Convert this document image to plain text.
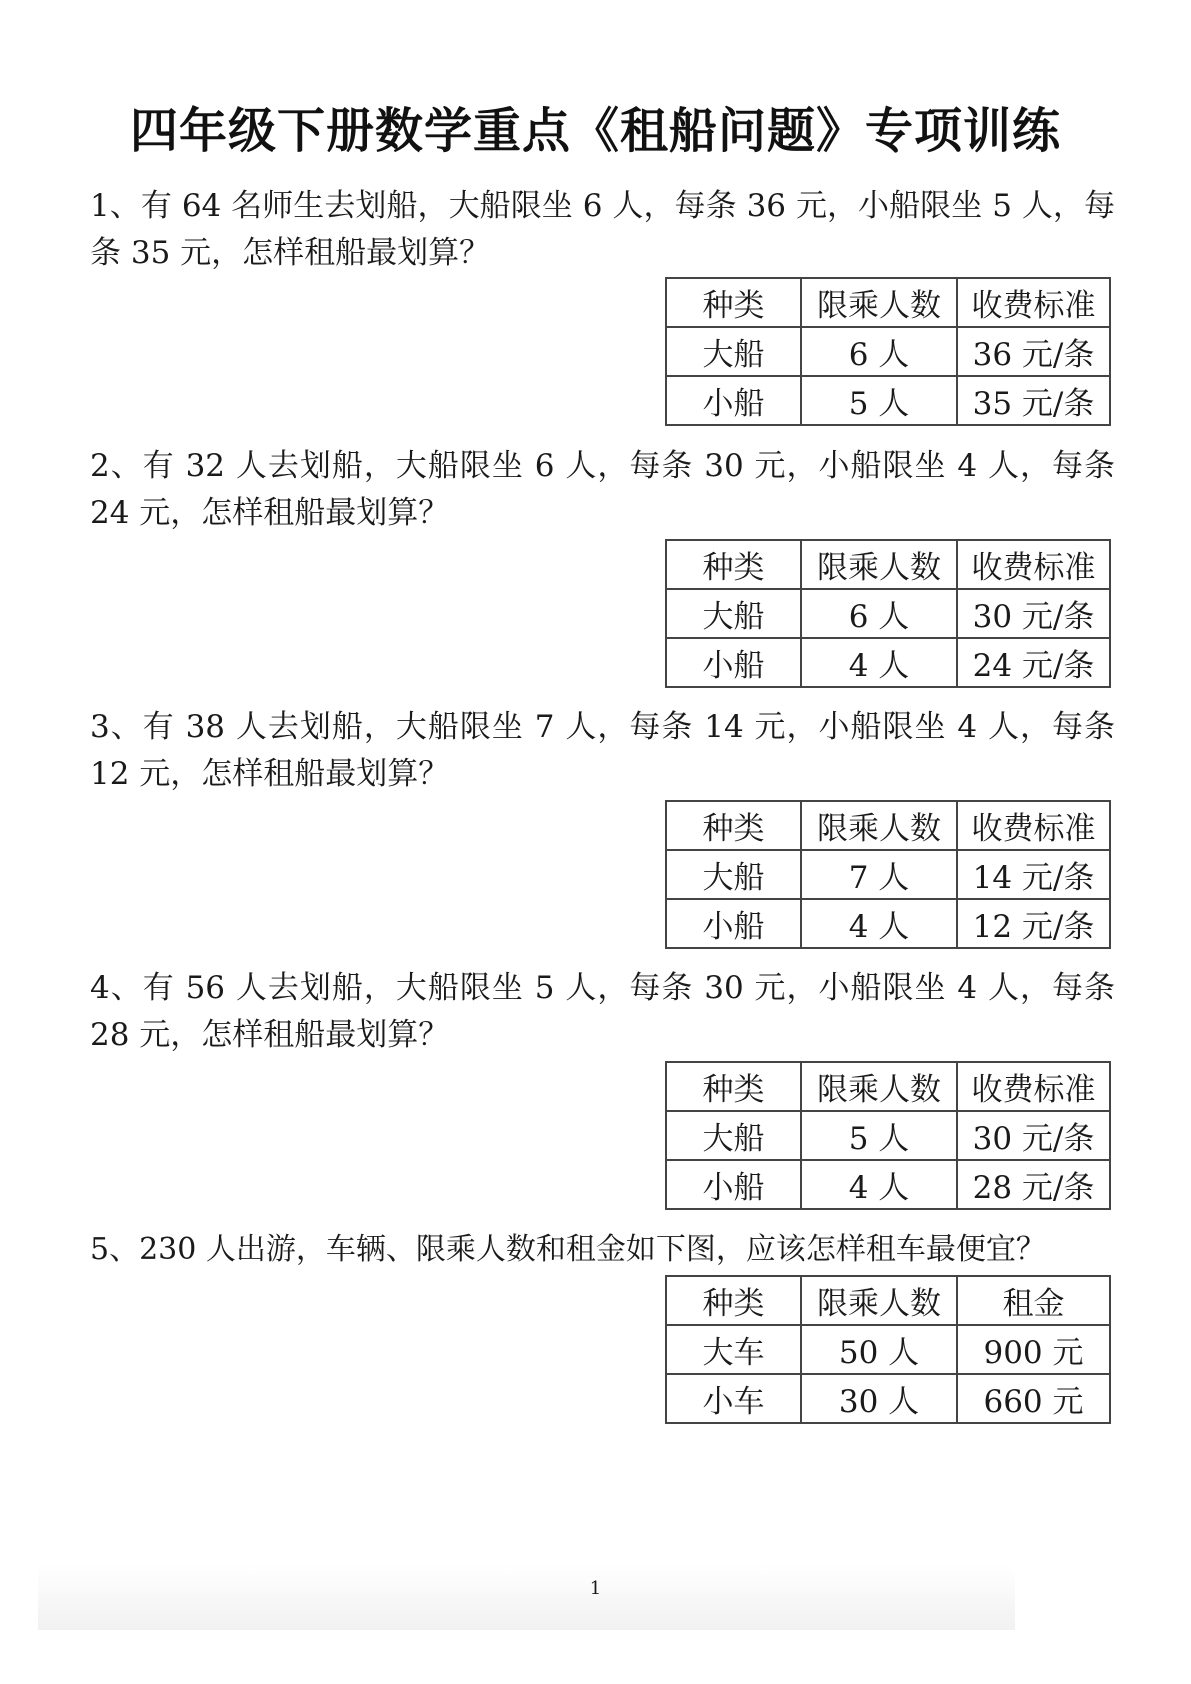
四年级下册数学重点《租船问题》专项训练
1、有 64 名师生去划船，大船限坐 6 人，每条 36 元，小船限坐 5 人，每条 35 元，怎样租船最划算？
种类	限乘人数	收费标准
大船	6 人	36 元/条
小船	5 人	35 元/条
2、有 32 人去划船，大船限坐 6 人，每条 30 元，小船限坐 4 人，每条 24 元，怎样租船最划算？
种类	限乘人数	收费标准
大船	6 人	30 元/条
小船	4 人	24 元/条
3、有 38 人去划船，大船限坐 7 人，每条 14 元，小船限坐 4 人，每条 12 元，怎样租船最划算？
种类	限乘人数	收费标准
大船	7 人	14 元/条
小船	4 人	12 元/条
4、有 56 人去划船，大船限坐 5 人，每条 30 元，小船限坐 4 人，每条 28 元，怎样租船最划算？
种类	限乘人数	收费标准
大船	5 人	30 元/条
小船	4 人	28 元/条
5、230 人出游，车辆、限乘人数和租金如下图，应该怎样租车最便宜？
种类	限乘人数	租金
大车	50 人	900 元
小车	30 人	660 元
1
